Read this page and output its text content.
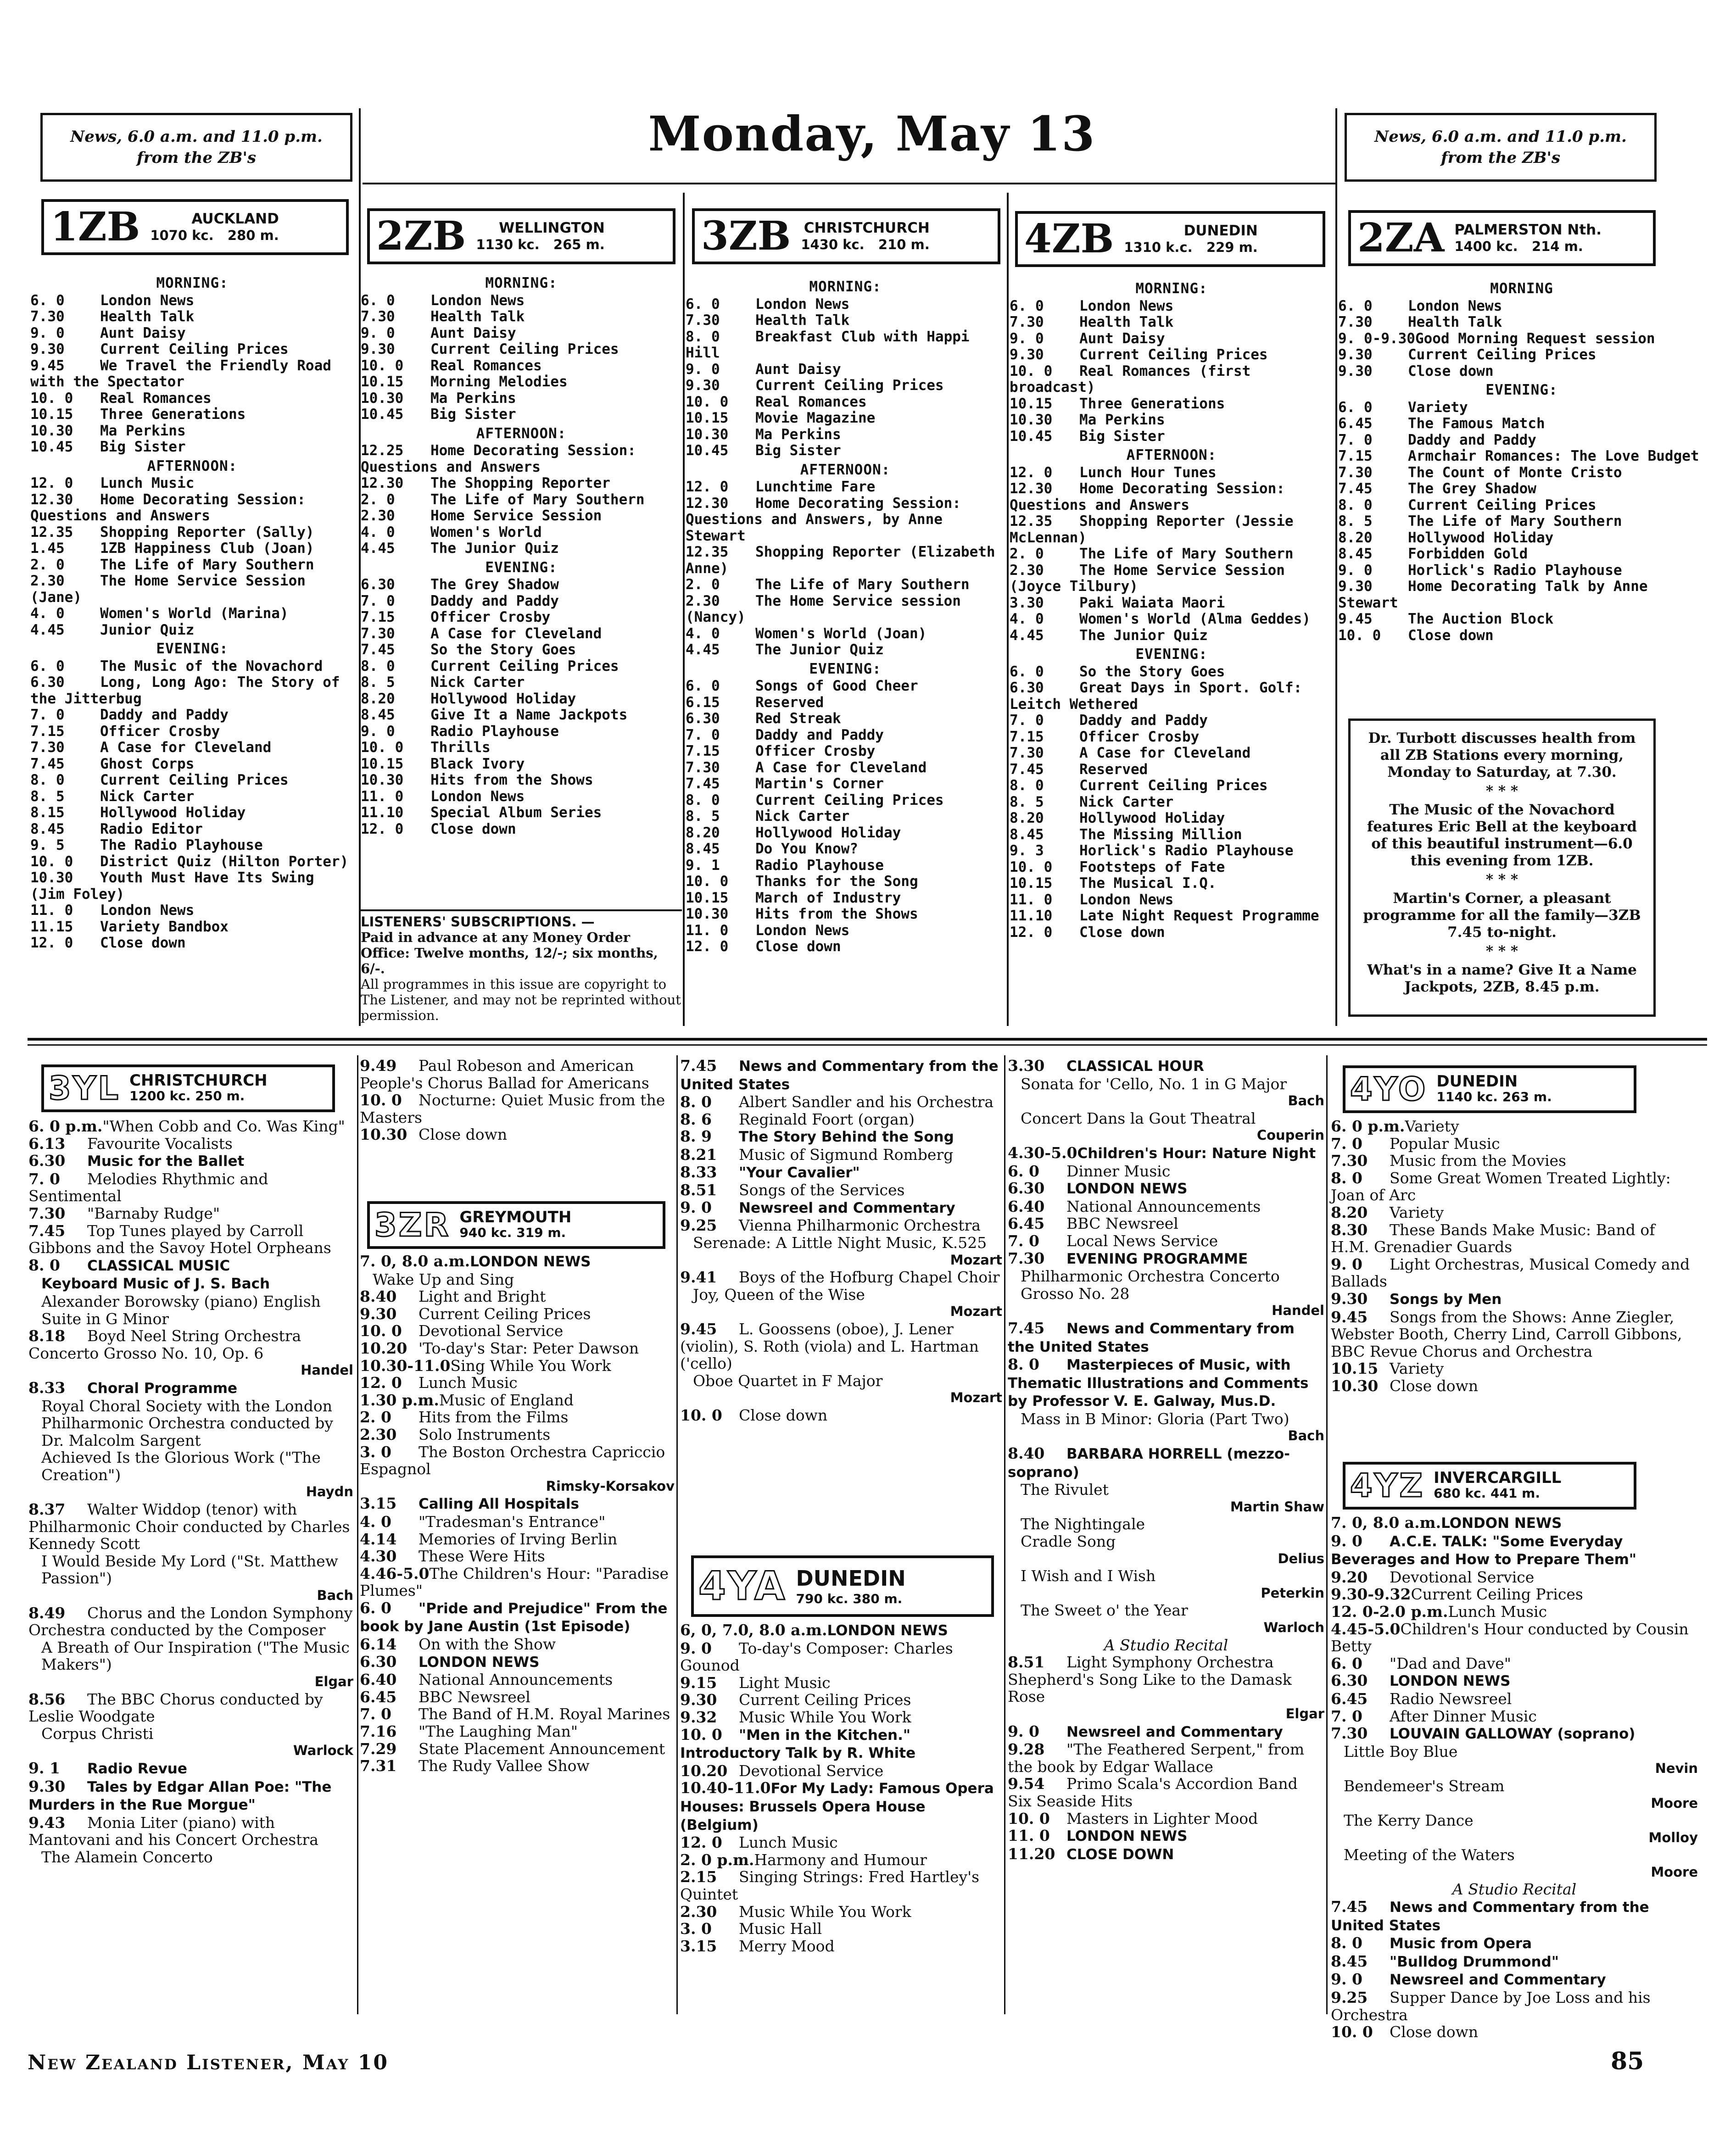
News, 6.0 a.m. and 11.0 p.m. from the ZB's
News, 6.0 a.m. and 11.0 p.m. from the ZB's
Monday, May 13
1ZB	AUCKLAND
1070 kc. 280 m. 2ZB	WELLINGTON
1130 kc. 265 m. 3ZB CHRISTCHURCH
1430 kc. 210 m. 4ZB	DUNEDIN
1310 k.c. 229 m.	2ZA PALMERSTON Nth.
1400 kc. 214 m.
MORNING:
6. 0 London News
7.30 Health Talk
9. 0 Aunt Daisy
9.30 Current Ceiling Prices
9.45 We Travel the Friendly Road with the Spectator
10. 0 Real Romances
10.15 Three Generations
10.30 Ma Perkins
10.45 Big Sister
AFTERNOON:
12. 0 Lunch Music
12.30 Home Decorating Session: Questions and Answers
12.35 Shopping Reporter (Sally)
1.45 1ZB Happiness Club (Joan)
2. 0 The Life of Mary Southern
2.30 The Home Service Session (Jane)
4. 0 Women's World (Marina)
4.45 Junior Quiz
EVENING:
6. 0 The Music of the Novachord
6.30 Long, Long Ago: The Story of the Jitterbug
7. 0 Daddy and Paddy
7.15 Officer Crosby
7.30 A Case for Cleveland
7.45 Ghost Corps
8. 0 Current Ceiling Prices
8. 5 Nick Carter
8.15 Hollywood Holiday
8.45 Radio Editor
9. 5 The Radio Playhouse
10. 0 District Quiz (Hilton Porter)
10.30 Youth Must Have Its Swing (Jim Foley)
11. 0 London News
11.15 Variety Bandbox
12. 0 Close down
MORNING:
6. 0 London News
7.30 Health Talk
9. 0 Aunt Daisy
9.30 Current Ceiling Prices
10. 0 Real Romances
10.15 Morning Melodies
10.30 Ma Perkins
10.45 Big Sister
AFTERNOON:
12.25 Home Decorating Session: Questions and Answers
12.30 The Shopping Reporter
2. 0 The Life of Mary Southern
2.30 Home Service Session
4. 0 Women's World
4.45 The Junior Quiz
EVENING:
6.30 The Grey Shadow
7. 0 Daddy and Paddy
7.15 Officer Crosby
7.30 A Case for Cleveland
7.45 So the Story Goes
8. 0 Current Ceiling Prices
8. 5 Nick Carter
8.20 Hollywood Holiday
8.45 Give It a Name Jackpots
9. 0 Radio Playhouse
10. 0 Thrills
10.15 Black Ivory
10.30 Hits from the Shows
11. 0 London News
11.10 Special Album Series
12. 0 Close down
MORNING:
6. 0 London News
7.30 Health Talk
8. 0 Breakfast Club with Happi Hill
9. 0 Aunt Daisy
9.30 Current Ceiling Prices
10. 0 Real Romances
10.15 Movie Magazine
10.30 Ma Perkins
10.45 Big Sister
AFTERNOON:
12. 0 Lunchtime Fare
12.30 Home Decorating Session: Questions and Answers, by Anne Stewart
12.35 Shopping Reporter (Elizabeth Anne)
2. 0 The Life of Mary Southern
2.30 The Home Service session (Nancy)
4. 0 Women's World (Joan)
4.45 The Junior Quiz
EVENING:
6. 0 Songs of Good Cheer
6.15 Reserved
6.30 Red Streak
7. 0 Daddy and Paddy
7.15 Officer Crosby
7.30 A Case for Cleveland
7.45 Martin's Corner
8. 0 Current Ceiling Prices
8. 5 Nick Carter
8.20 Hollywood Holiday
8.45 Do You Know?
9. 1 Radio Playhouse
10. 0 Thanks for the Song
10.15 March of Industry
10.30 Hits from the Shows
11. 0 London News
12. 0 Close down
MORNING:
6. 0 London News
7.30 Health Talk
9. 0 Aunt Daisy
9.30 Current Ceiling Prices
10. 0 Real Romances (first broadcast)
10.15 Three Generations
10.30 Ma Perkins
10.45 Big Sister
AFTERNOON:
12. 0 Lunch Hour Tunes
12.30 Home Decorating Session: Questions and Answers
12.35 Shopping Reporter (Jessie McLennan)
2. 0 The Life of Mary Southern
2.30 The Home Service Session (Joyce Tilbury)
3.30 Paki Waiata Maori
4. 0 Women's World (Alma Geddes)
4.45 The Junior Quiz
EVENING:
6. 0 So the Story Goes
6.30 Great Days in Sport. Golf: Leitch Wethered
7. 0 Daddy and Paddy
7.15 Officer Crosby
7.30 A Case for Cleveland
7.45 Reserved
8. 0 Current Ceiling Prices
8. 5 Nick Carter
8.20 Hollywood Holiday
8.45 The Missing Million
9. 3 Horlick's Radio Playhouse
10. 0 Footsteps of Fate
10.15 The Musical I.Q.
11. 0 London News
11.10 Late Night Request Programme
12. 0 Close down
MORNING
6. 0 London News
7.30 Health Talk
9. 0-9.30Good Morning Request session
9.30 Current Ceiling Prices
9.30 Close down
EVENING:
6. 0 Variety
6.45 The Famous Match
7. 0 Daddy and Paddy
7.15 Armchair Romances: The Love Budget
7.30 The Count of Monte Cristo
7.45 The Grey Shadow
8. 0 Current Ceiling Prices
8. 5 The Life of Mary Southern
8.20 Hollywood Holiday
8.45 Forbidden Gold
9. 0 Horlick's Radio Playhouse
9.30 Home Decorating Talk by Anne Stewart
9.45 The Auction Block
10. 0 Close down
LISTENERS' SUBSCRIPTIONS. —
Paid in advance at any Money Order Office: Twelve months, 12/-; six months, 6/-.
All programmes in this issue are copyright to The Listener, and may not be reprinted without permission.
Dr. Turbott discusses health from all ZB Stations every morning, Monday to Saturday, at 7.30.
* * *
The Music of the Novachord features Eric Bell at the keyboard of this beautiful instrument—6.0 this evening from 1ZB.
* * *
Martin's Corner, a pleasant programme for all the family—3ZB 7.45 to-night.
* * *
What's in a name? Give It a Name Jackpots, 2ZB, 8.45 p.m.
3YL CHRISTCHURCH
1200 kc. 250 m.
3ZR GREYMOUTH
940 kc. 319 m.
4YA DUNEDIN
790 kc. 380 m.
4YO DUNEDIN
1140 kc. 263 m.
4YZ INVERCARGILL
680 kc. 441 m.
6. 0 p.m."When Cobb and Co. Was King"
6.13 Favourite Vocalists
6.30 Music for the Ballet
7. 0 Melodies Rhythmic and Sentimental
7.30 "Barnaby Rudge"
7.45 Top Tunes played by Carroll Gibbons and the Savoy Hotel Orpheans
8. 0 CLASSICAL MUSIC
Keyboard Music of J. S. Bach
Alexander Borowsky (piano) English Suite in G Minor
8.18 Boyd Neel String Orchestra Concerto Grosso No. 10, Op. 6
Handel
8.33 Choral Programme
Royal Choral Society with the London Philharmonic Orchestra conducted by Dr. Malcolm Sargent
Achieved Is the Glorious Work ("The Creation")
Haydn
8.37 Walter Widdop (tenor) with Philharmonic Choir conducted by Charles Kennedy Scott
I Would Beside My Lord ("St. Matthew Passion")
Bach
8.49 Chorus and the London Symphony Orchestra conducted by the Composer
A Breath of Our Inspiration ("The Music Makers")
Elgar
8.56 The BBC Chorus conducted by Leslie Woodgate
Corpus Christi
Warlock
9. 1 Radio Revue
9.30 Tales by Edgar Allan Poe: "The Murders in the Rue Morgue"
9.43 Monia Liter (piano) with Mantovani and his Concert Orchestra
The Alamein Concerto
9.49 Paul Robeson and American People's Chorus Ballad for Americans
10. 0 Nocturne: Quiet Music from the Masters
10.30 Close down
7. 0, 8.0 a.m.LONDON NEWS
Wake Up and Sing
8.40 Light and Bright
9.30 Current Ceiling Prices
10. 0 Devotional Service
10.20 'To-day's Star: Peter Dawson
10.30-11.0Sing While You Work
12. 0 Lunch Music
1.30 p.m.Music of England
2. 0 Hits from the Films
2.30 Solo Instruments
3. 0 The Boston Orchestra Capriccio Espagnol
Rimsky-Korsakov
3.15 Calling All Hospitals
4. 0 "Tradesman's Entrance"
4.14 Memories of Irving Berlin
4.30 These Were Hits
4.46-5.0The Children's Hour: "Paradise Plumes"
6. 0 "Pride and Prejudice" From the book by Jane Austin (1st Episode)
6.14 On with the Show
6.30 LONDON NEWS
6.40 National Announcements
6.45 BBC Newsreel
7. 0 The Band of H.M. Royal Marines
7.16 "The Laughing Man"
7.29 State Placement Announcement
7.31 The Rudy Vallee Show
7.45 News and Commentary from the United States
8. 0 Albert Sandler and his Orchestra
8. 6 Reginald Foort (organ)
8. 9 The Story Behind the Song
8.21 Music of Sigmund Romberg
8.33 "Your Cavalier"
8.51 Songs of the Services
9. 0 Newsreel and Commentary
9.25 Vienna Philharmonic Orchestra
Serenade: A Little Night Music, K.525
Mozart
9.41 Boys of the Hofburg Chapel Choir
Joy, Queen of the Wise
Mozart
9.45 L. Goossens (oboe), J. Lener (violin), S. Roth (viola) and L. Hartman ('cello)
Oboe Quartet in F Major
Mozart
10. 0 Close down
6, 0, 7.0, 8.0 a.m.LONDON NEWS
9. 0 To-day's Composer: Charles Gounod
9.15 Light Music
9.30 Current Ceiling Prices
9.32 Music While You Work
10. 0 "Men in the Kitchen." Introductory Talk by R. White
10.20 Devotional Service
10.40-11.0For My Lady: Famous Opera Houses: Brussels Opera House (Belgium)
12. 0 Lunch Music
2. 0 p.m.Harmony and Humour
2.15 Singing Strings: Fred Hartley's Quintet
2.30 Music While You Work
3. 0 Music Hall
3.15 Merry Mood
3.30 CLASSICAL HOUR
Sonata for 'Cello, No. 1 in G Major
Bach
Concert Dans la Gout Theatral
Couperin
4.30-5.0Children's Hour: Nature Night
6. 0 Dinner Music
6.30 LONDON NEWS
6.40 National Announcements
6.45 BBC Newsreel
7. 0 Local News Service
7.30 EVENING PROGRAMME
Philharmonic Orchestra Concerto Grosso No. 28
Handel
7.45 News and Commentary from the United States
8. 0 Masterpieces of Music, with Thematic Illustrations and Comments by Professor V. E. Galway, Mus.D.
Mass in B Minor: Gloria (Part Two)
Bach
8.40 BARBARA HORRELL (mezzo-soprano)
The Rivulet
Martin Shaw
The Nightingale
Cradle Song
Delius
I Wish and I Wish
Peterkin
The Sweet o' the Year
Warloch
A Studio Recital
8.51 Light Symphony Orchestra Shepherd's Song Like to the Damask Rose
Elgar
9. 0 Newsreel and Commentary
9.28 "The Feathered Serpent," from the book by Edgar Wallace
9.54 Primo Scala's Accordion Band Six Seaside Hits
10. 0 Masters in Lighter Mood
11. 0 LONDON NEWS
11.20 CLOSE DOWN
6. 0 p.m.Variety
7. 0 Popular Music
7.30 Music from the Movies
8. 0 Some Great Women Treated Lightly: Joan of Arc
8.20 Variety
8.30 These Bands Make Music: Band of H.M. Grenadier Guards
9. 0 Light Orchestras, Musical Comedy and Ballads
9.30 Songs by Men
9.45 Songs from the Shows: Anne Ziegler, Webster Booth, Cherry Lind, Carroll Gibbons, BBC Revue Chorus and Orchestra
10.15 Variety
10.30 Close down
7. 0, 8.0 a.m.LONDON NEWS
9. 0 A.C.E. TALK: "Some Everyday Beverages and How to Prepare Them"
9.20 Devotional Service
9.30-9.32Current Ceiling Prices
12. 0-2.0 p.m.Lunch Music
4.45-5.0Children's Hour conducted by Cousin Betty
6. 0 "Dad and Dave"
6.30 LONDON NEWS
6.45 Radio Newsreel
7. 0 After Dinner Music
7.30 LOUVAIN GALLOWAY (soprano)
Little Boy Blue
Nevin
Bendemeer's Stream
Moore
The Kerry Dance
Molloy
Meeting of the Waters
Moore
A Studio Recital
7.45 News and Commentary from the United States
8. 0 Music from Opera
8.45 "Bulldog Drummond"
9. 0 Newsreel and Commentary
9.25 Supper Dance by Joe Loss and his Orchestra
10. 0 Close down
New Zealand Listener, May 10	85
